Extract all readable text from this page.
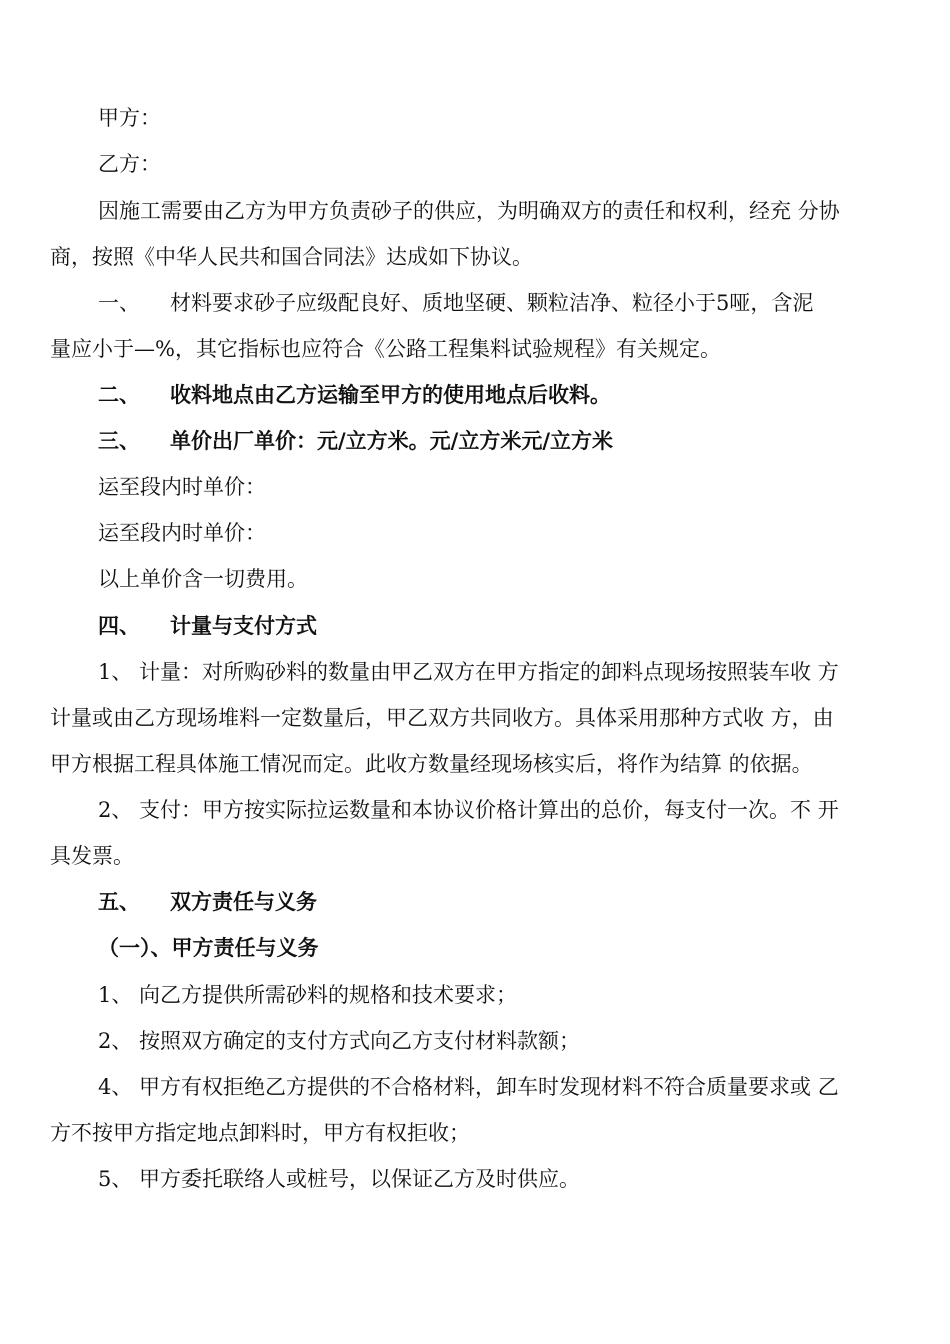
甲方：
乙方：
因施工需要由乙方为甲方负责砂子的供应，为明确双方的责任和权利，经充 分协
商，按照《中华人民共和国合同法》达成如下协议。
一、 材料要求砂子应级配良好、质地坚硬、颗粒洁净、粒径小于5哑，含泥
量应小于—%，其它指标也应符合《公路工程集料试验规程》有关规定。
二、 收料地点由乙方运输至甲方的使用地点后收料。
三、 单价出厂单价：元/立方米。元/立方米元/立方米
运至段内时单价：
运至段内时单价：
以上单价含一切费用。
四、 计量与支付方式
1、 计量：对所购砂料的数量由甲乙双方在甲方指定的卸料点现场按照装车收 方
计量或由乙方现场堆料一定数量后，甲乙双方共同收方。具体采用那种方式收 方，由
甲方根据工程具体施工情况而定。此收方数量经现场核实后，将作为结算 的依据。
2、 支付：甲方按实际拉运数量和本协议价格计算出的总价，每支付一次。不 开
具发票。
五、 双方责任与义务
（一）、甲方责任与义务
1、 向乙方提供所需砂料的规格和技术要求；
2、 按照双方确定的支付方式向乙方支付材料款额；
4、 甲方有权拒绝乙方提供的不合格材料，卸车时发现材料不符合质量要求或 乙
方不按甲方指定地点卸料时，甲方有权拒收；
5、 甲方委托联络人或桩号，以保证乙方及时供应。
